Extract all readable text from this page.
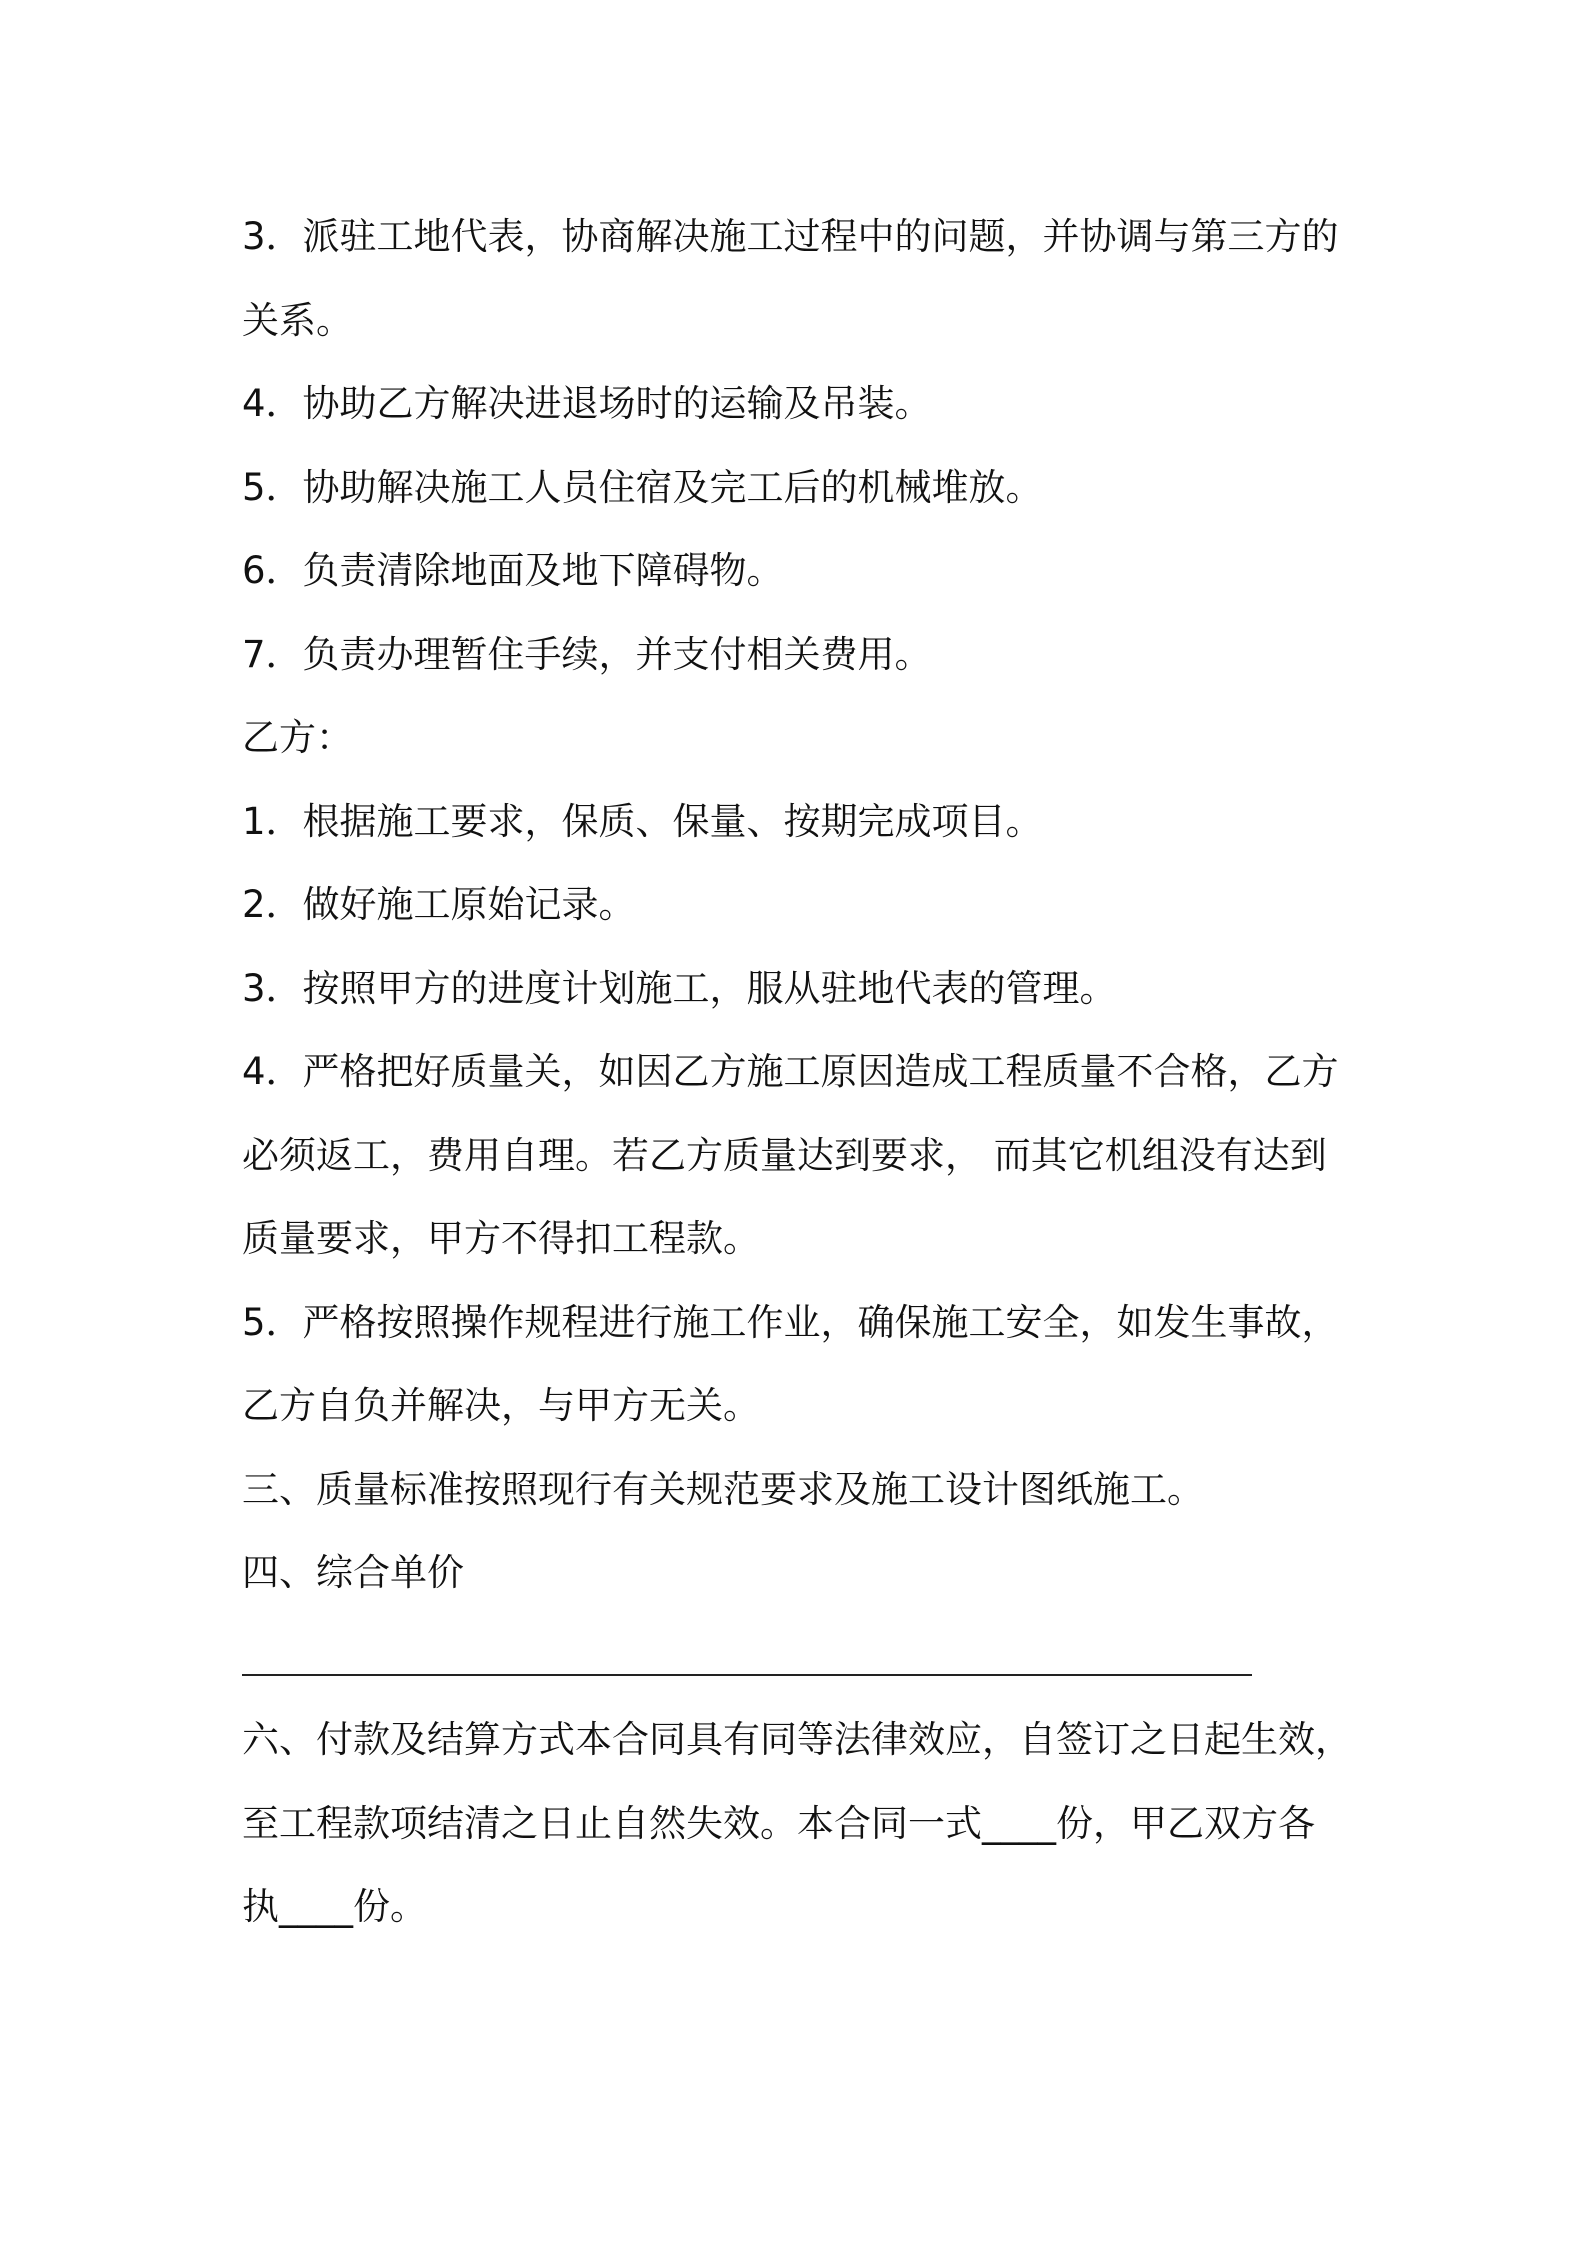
3．派驻工地代表，协商解决施工过程中的问题，并协调与第三方的

关系。

4．协助乙方解决进退场时的运输及吊装。

5．协助解决施工人员住宿及完工后的机械堆放。

6．负责清除地面及地下障碍物。

7．负责办理暂住手续，并支付相关费用。

乙方：

1．根据施工要求，保质、保量、按期完成项目。

2．做好施工原始记录。

3．按照甲方的进度计划施工，服从驻地代表的管理。

4．严格把好质量关，如因乙方施工原因造成工程质量不合格，乙方

必须返工，费用自理。若乙方质量达到要求， 而其它机组没有达到

质量要求，甲方不得扣工程款。

5．严格按照操作规程进行施工作业，确保施工安全，如发生事故，

乙方自负并解决，与甲方无关。

三、质量标准按照现行有关规范要求及施工设计图纸施工。

四、综合单价

六、付款及结算方式本合同具有同等法律效应，自签订之日起生效，

至工程款项结清之日止自然失效。本合同一式____份，甲乙双方各

执____份。
